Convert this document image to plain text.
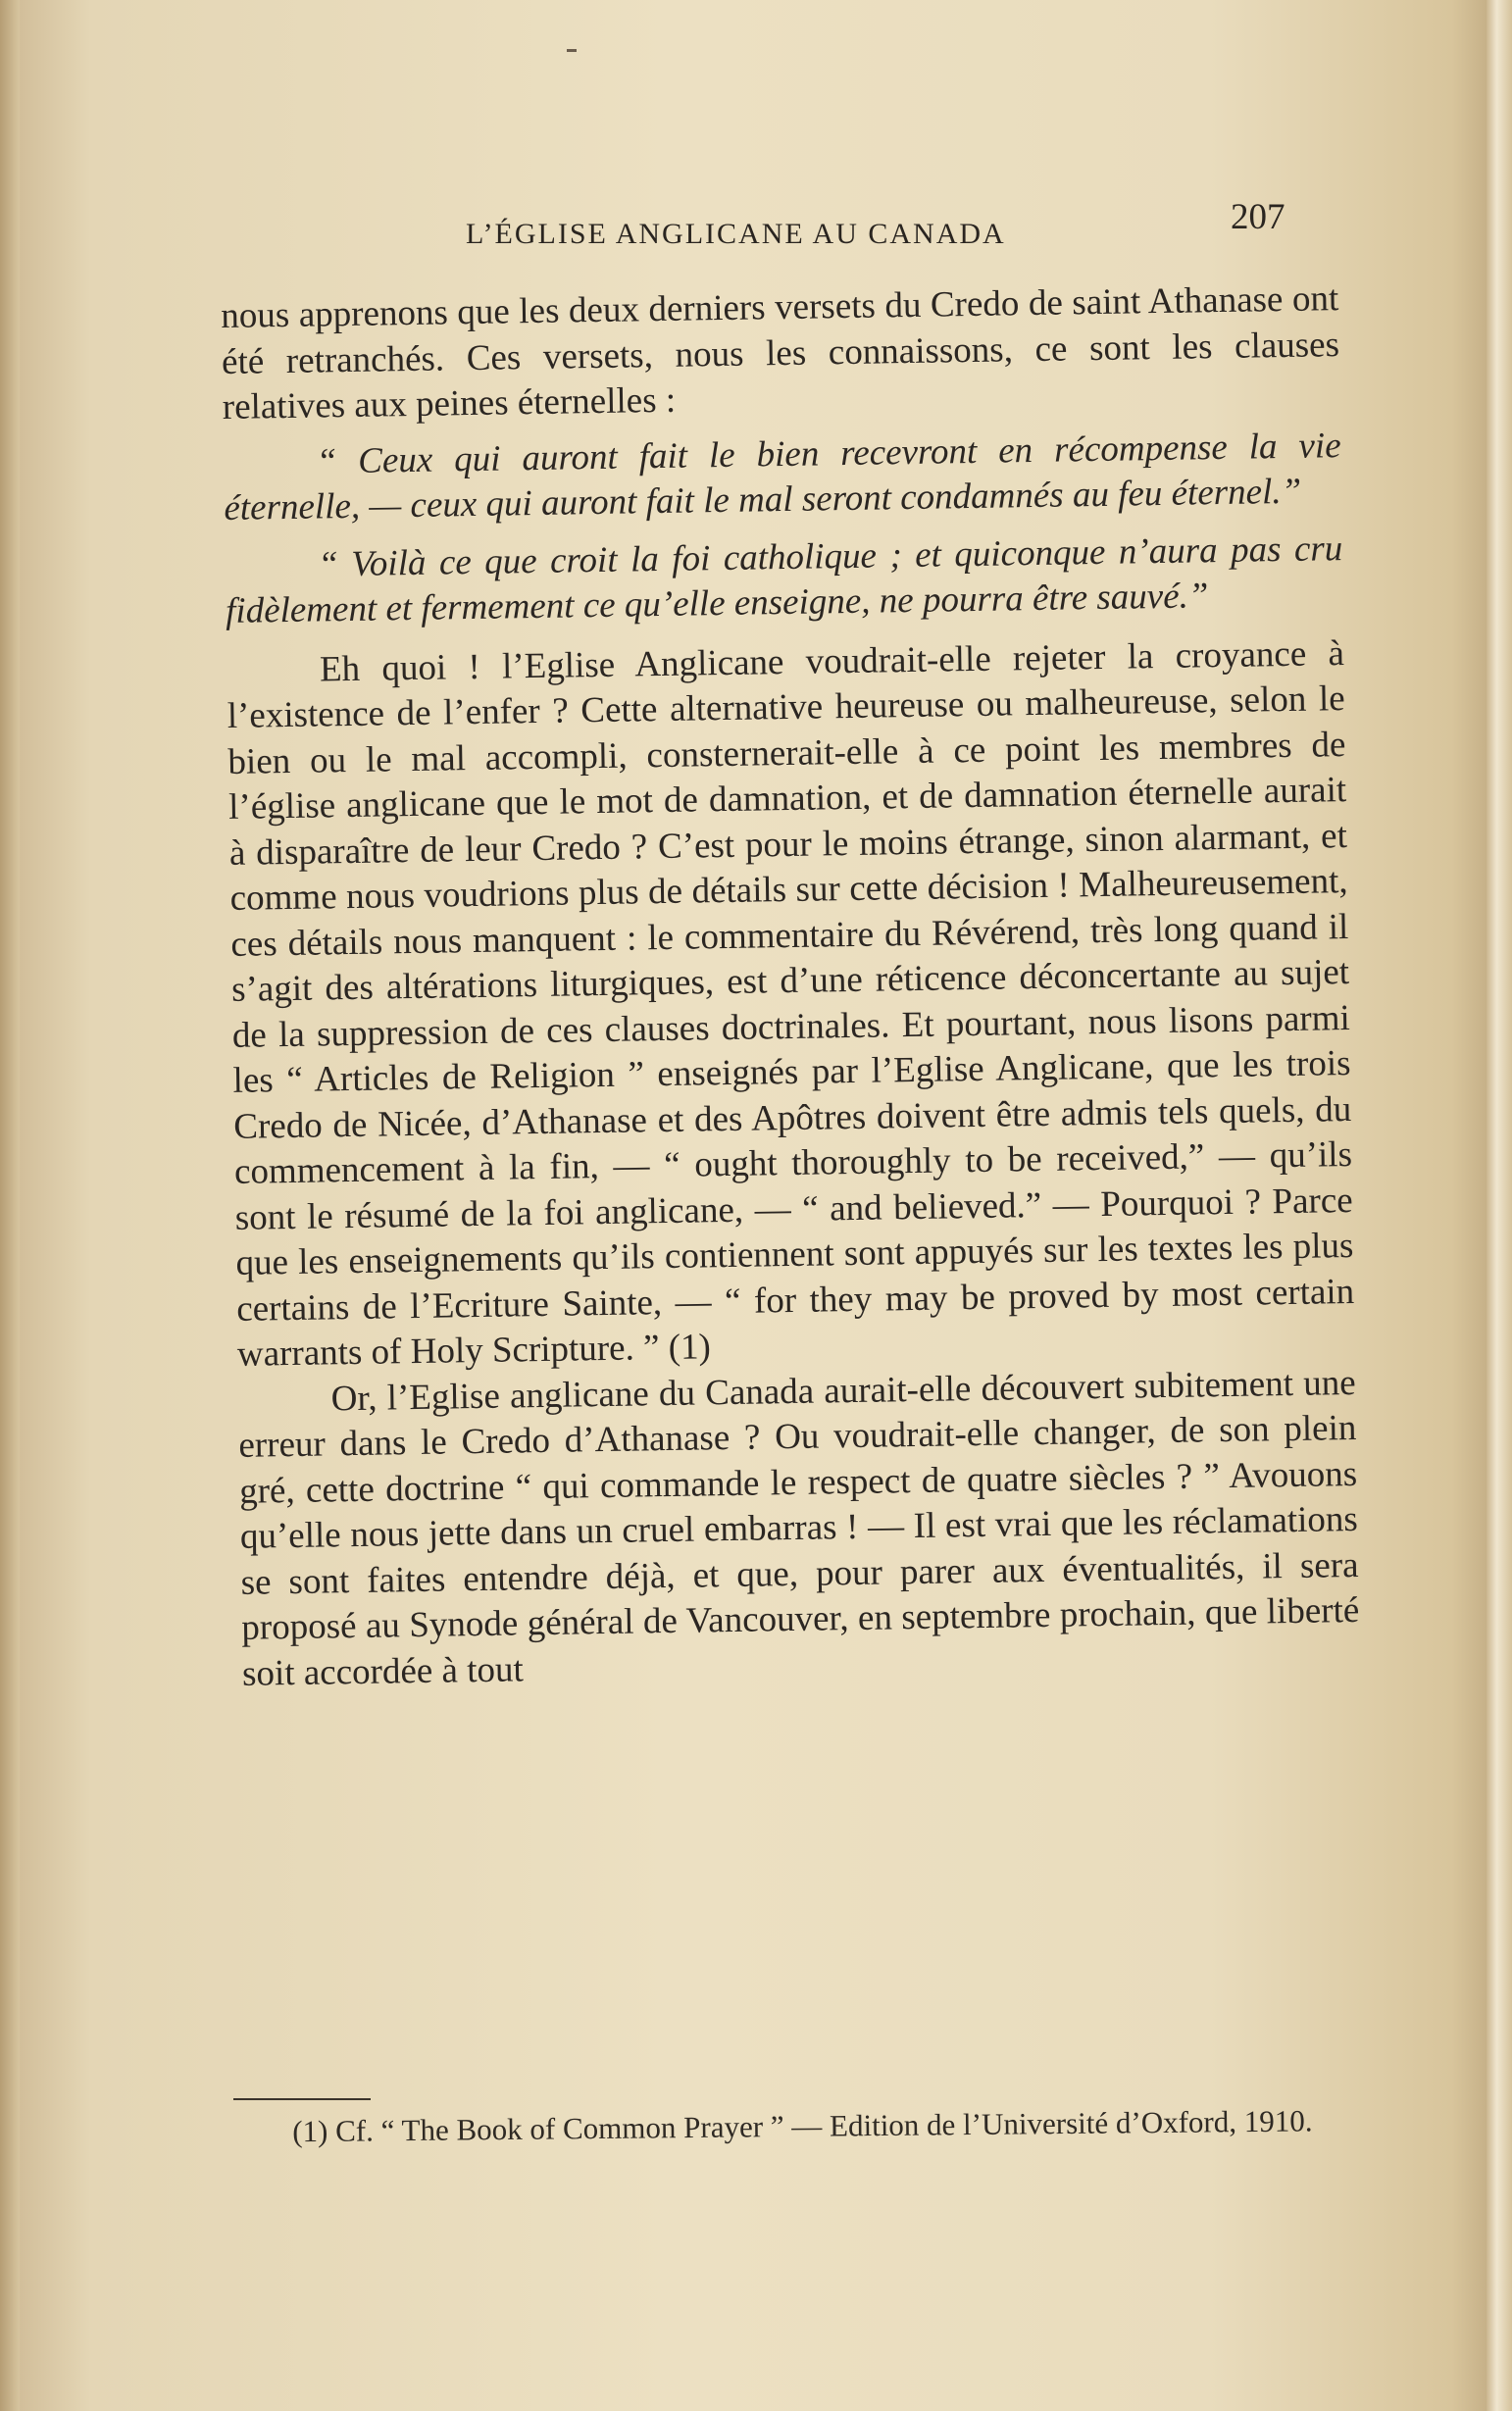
L’ÉGLISE ANGLICANE AU CANADA	207

nous apprenons que les deux derniers versets du Credo de saint Athanase ont été retranchés. Ces versets, nous les connaissons, ce sont les clauses relatives aux peines éternelles :

“ Ceux qui auront fait le bien recevront en récompense la vie éternelle, — ceux qui auront fait le mal seront condamnés au feu éternel.”

“ Voilà ce que croit la foi catholique ; et quiconque n’aura pas cru fidèlement et fermement ce qu’elle enseigne, ne pourra être sauvé.”

Eh quoi ! l’Eglise Anglicane voudrait-elle rejeter la croyance à l’existence de l’enfer ? Cette alternative heureuse ou malheureuse, selon le bien ou le mal accompli, consternerait-elle à ce point les membres de l’église anglicane que le mot de damnation, et de damnation éternelle aurait à disparaître de leur Credo ? C’est pour le moins étrange, sinon alarmant, et comme nous voudrions plus de détails sur cette décision ! Malheureusement, ces détails nous manquent : le commentaire du Révérend, très long quand il s’agit des altérations liturgiques, est d’une réticence déconcertante au sujet de la suppression de ces clauses doctrinales. Et pourtant, nous lisons parmi les “ Articles de Religion ” enseignés par l’Eglise Anglicane, que les trois Credo de Nicée, d’Athanase et des Apôtres doivent être admis tels quels, du commencement à la fin, — “ ought thoroughly to be received,” — qu’ils sont le résumé de la foi anglicane, — “ and believed.” — Pourquoi ? Parce que les enseignements qu’ils contiennent sont appuyés sur les textes les plus certains de l’Ecriture Sainte, — “ for they may be proved by most certain warrants of Holy Scripture. ” (1)

Or, l’Eglise anglicane du Canada aurait-elle découvert subitement une erreur dans le Credo d’Athanase ? Ou voudrait-elle changer, de son plein gré, cette doctrine “ qui commande le respect de quatre siècles ? ” Avouons qu’elle nous jette dans un cruel embarras ! — Il est vrai que les réclamations se sont faites entendre déjà, et que, pour parer aux éventualités, il sera proposé au Synode général de Vancouver, en septembre prochain, que liberté soit accordée à tout

(1) Cf. “ The Book of Common Prayer ” — Edition de l’Université d’Oxford, 1910.
